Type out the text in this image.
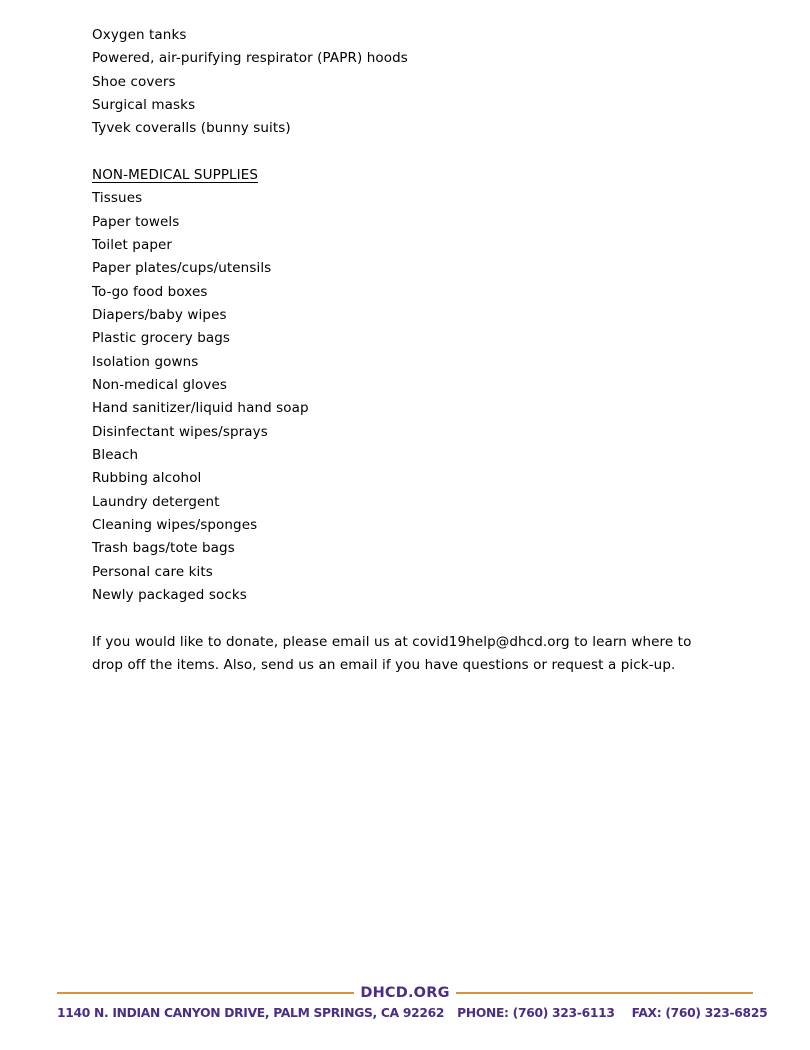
Oxygen tanks
Powered, air-purifying respirator (PAPR) hoods
Shoe covers
Surgical masks
Tyvek coveralls (bunny suits)
NON-MEDICAL SUPPLIES
Tissues
Paper towels
Toilet paper
Paper plates/cups/utensils
To-go food boxes
Diapers/baby wipes
Plastic grocery bags
Isolation gowns
Non-medical gloves
Hand sanitizer/liquid hand soap
Disinfectant wipes/sprays
Bleach
Rubbing alcohol
Laundry detergent
Cleaning wipes/sponges
Trash bags/tote bags
Personal care kits
Newly packaged socks

If you would like to donate, please email us at covid19help@dhcd.org to learn where to drop off the items. Also, send us an email if you have questions or request a pick-up.

DHCD.ORG
1140 N. INDIAN CANYON DRIVE, PALM SPRINGS, CA 92262 PHONE: (760) 323-6113 FAX: (760) 323-6825
